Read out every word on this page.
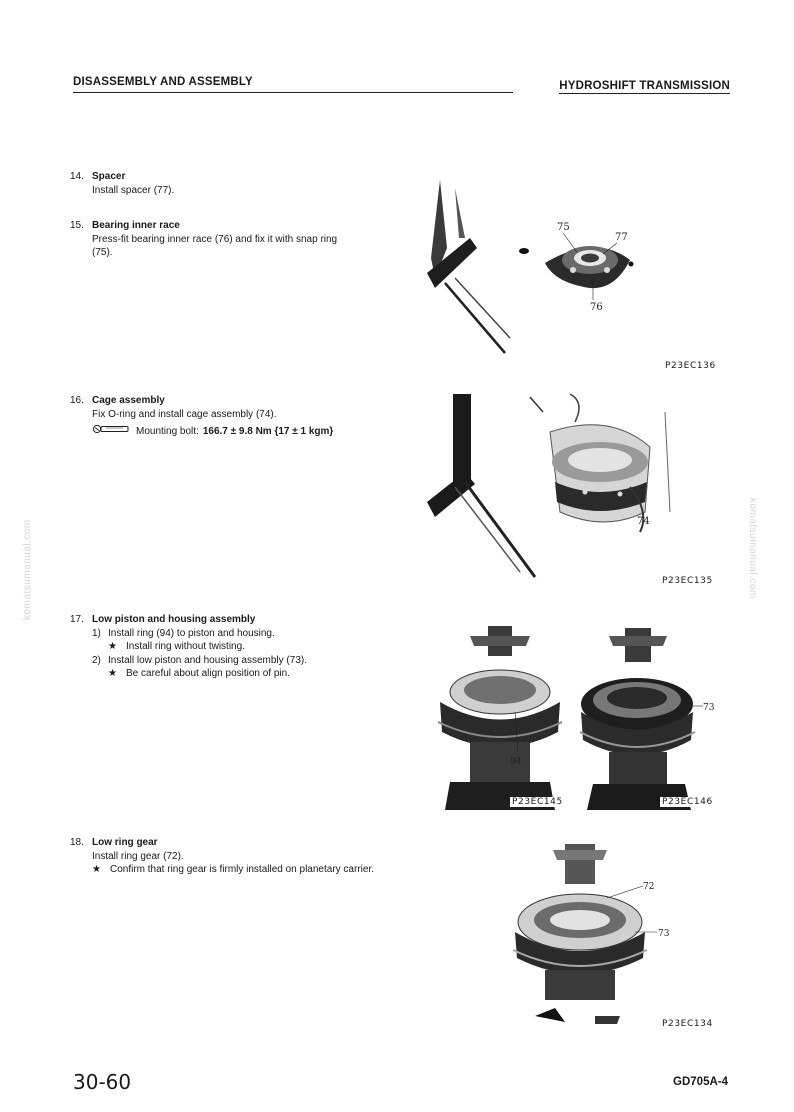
DISASSEMBLY AND ASSEMBLY	HYDROSHIFT TRANSMISSION
komatsumanual.com	komatsumanual.com
14. Spacer
Install spacer (77).
15. Bearing inner race
Press-fit bearing inner race (76) and fix it with snap ring
(75).
16. Cage assembly
Fix O-ring and install cage assembly (74).
Mounting bolt: 166.7 ± 9.8 Nm {17 ± 1 kgm}
17. Low piston and housing assembly
1) Install ring (94) to piston and housing.
★ Install ring without twisting.
2) Install low piston and housing assembly (73).
★ Be careful about align position of pin.
18. Low ring gear
Install ring gear (72).
★ Confirm that ring gear is firmly installed on planetary carrier.
75
77
76
P23EC136
74
P23EC135
94
P23EC145
73
P23EC146
72
73
P23EC134
30-60	GD705A-4
